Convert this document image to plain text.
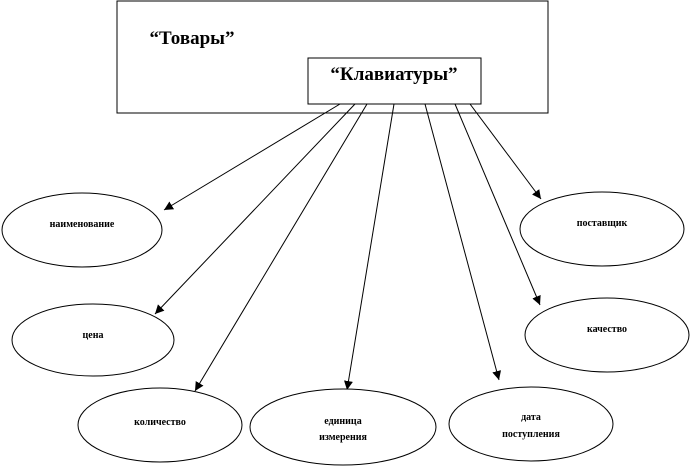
“Товары”
“Клавиатуры”
наименование
цена
количество	единица
измерения
дата
поступления
качество
поставщик
